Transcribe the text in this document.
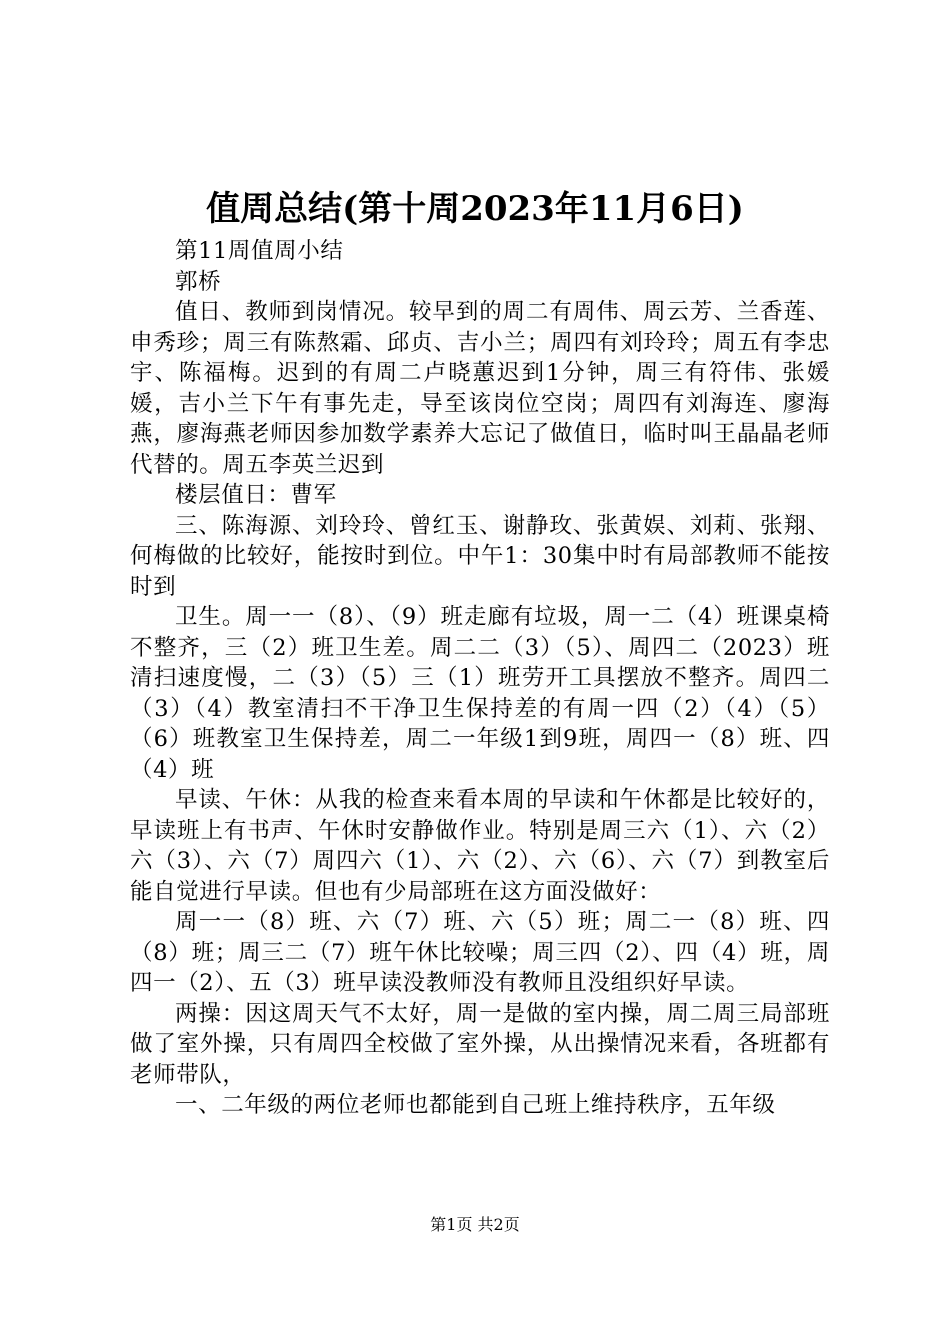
值周总结(第十周2023年11月6日)

第11周值周小结

郭桥

值日、教师到岗情况。较早到的周二有周伟、周云芳、兰香莲、申秀珍；周三有陈熬霜、邱贞、吉小兰；周四有刘玲玲；周五有李忠宇、陈福梅。迟到的有周二卢晓蕙迟到1分钟，周三有符伟、张媛媛，吉小兰下午有事先走，导至该岗位空岗；周四有刘海连、廖海燕，廖海燕老师因参加数学素养大忘记了做值日，临时叫王晶晶老师代替的。周五李英兰迟到

楼层值日：曹军

三、陈海源、刘玲玲、曾红玉、谢静玫、张黄娱、刘莉、张翔、何梅做的比较好，能按时到位。中午1：30集中时有局部教师不能按时到

卫生。周一一（8）、（9）班走廊有垃圾，周一二（4）班课桌椅不整齐，三（2）班卫生差。周二二（3）（5）、周四二（2023）班清扫速度慢，二（3）（5）三（1）班劳开工具摆放不整齐。周四二（3）（4）教室清扫不干净卫生保持差的有周一四（2）（4）（5）（6）班教室卫生保持差，周二一年级1到9班，周四一（8）班、四（4）班

早读、午休：从我的检查来看本周的早读和午休都是比较好的，早读班上有书声、午休时安静做作业。特别是周三六（1）、六（2）六（3）、六（7）周四六（1）、六（2）、六（6）、六（7）到教室后能自觉进行早读。但也有少局部班在这方面没做好：

周一一（8）班、六（7）班、六（5）班；周二一（8）班、四（8）班；周三二（7）班午休比较噪；周三四（2）、四（4）班，周四一（2）、五（3）班早读没教师没有教师且没组织好早读。

两操：因这周天气不太好，周一是做的室内操，周二周三局部班做了室外操，只有周四全校做了室外操，从出操情况来看，各班都有老师带队，

一、二年级的两位老师也都能到自己班上维持秩序，五年级

第1页 共2页
